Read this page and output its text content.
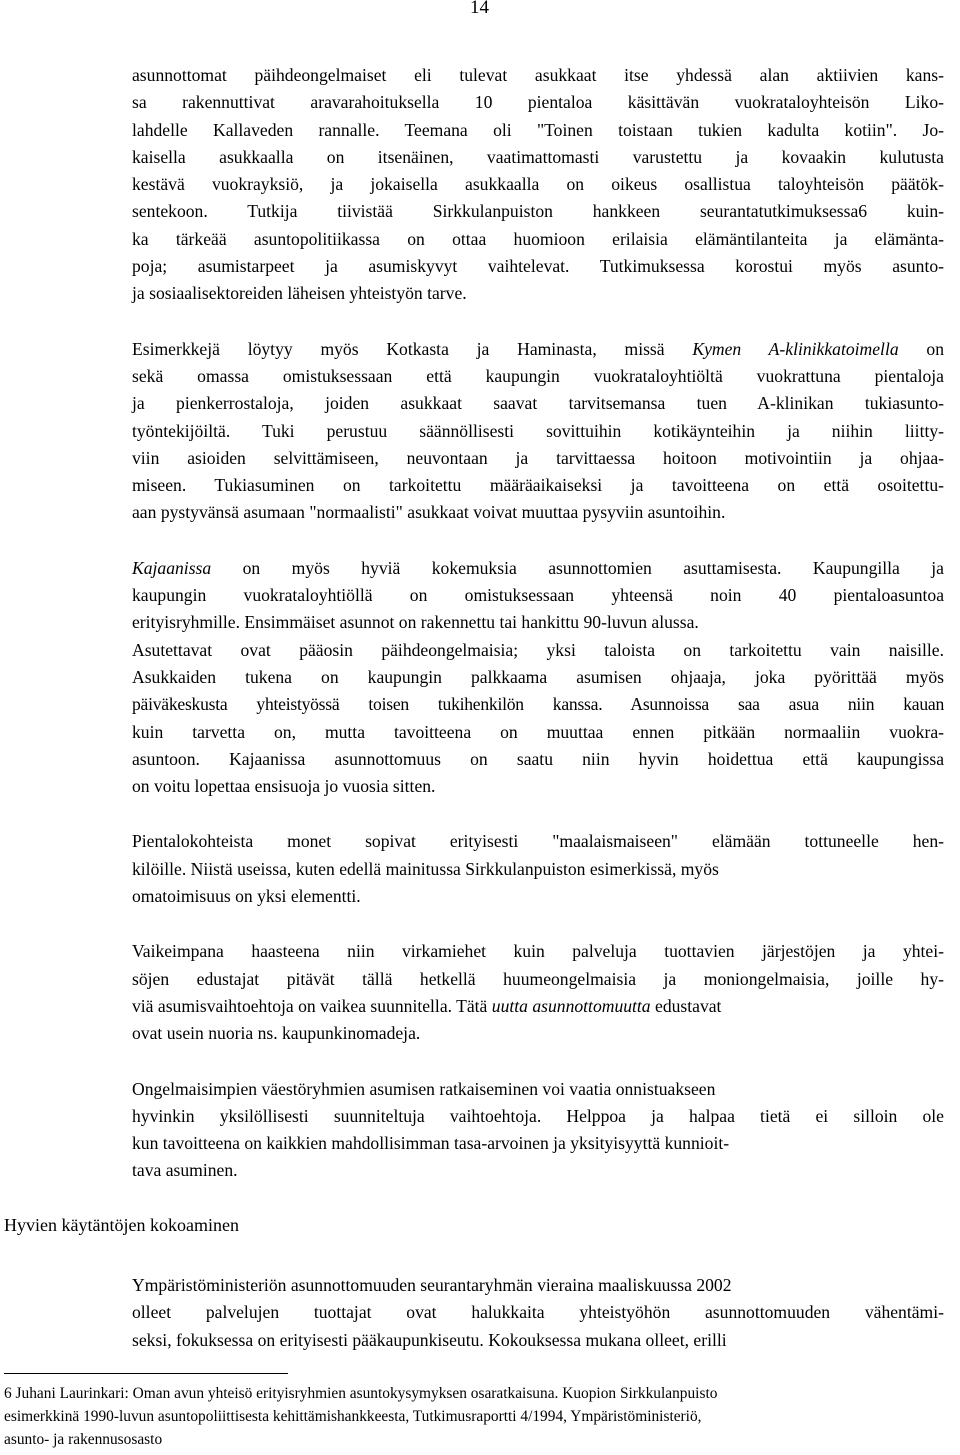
14

asunnottomat päihdeongelmaiset eli tulevat asukkaat itse yhdessä alan aktiivien kans-
sa rakennuttivat aravarahoituksella 10 pientaloa käsittävän vuokrataloyhteisön Liko-
lahdelle Kallaveden rannalle. Teemana oli "Toinen toistaan tukien kadulta kotiin". Jo-
kaisella asukkaalla on itsenäinen, vaatimattomasti varustettu ja kovaakin kulutusta
kestävä vuokrayksiö, ja jokaisella asukkaalla on oikeus osallistua taloyhteisön päätök-
sentekoon. Tutkija tiivistää Sirkkulanpuiston hankkeen seurantatutkimuksessa6 kuin-
ka tärkeää asuntopolitiikassa on ottaa huomioon erilaisia elämäntilanteita ja elämänta-
poja; asumistarpeet ja asumiskyvyt vaihtelevat. Tutkimuksessa korostui myös asunto-
ja sosiaalisektoreiden läheisen yhteistyön tarve.

Esimerkkejä löytyy myös Kotkasta ja Haminasta, missä Kymen A-klinikkatoimella on
sekä omassa omistuksessaan että kaupungin vuokrataloyhtiöltä vuokrattuna pientaloja
ja pienkerrostaloja, joiden asukkaat saavat tarvitsemansa tuen A-klinikan tukiasunto-
työntekijöiltä. Tuki perustuu säännöllisesti sovittuihin kotikäynteihin ja niihin liitty-
viin asioiden selvittämiseen, neuvontaan ja tarvittaessa hoitoon motivointiin ja ohjaa-
miseen. Tukiasuminen on tarkoitettu määräaikaiseksi ja tavoitteena on että osoitettu-
aan pystyvänsä asumaan "normaalisti" asukkaat voivat muuttaa pysyviin asuntoihin.

Kajaanissa on myös hyviä kokemuksia asunnottomien asuttamisesta. Kaupungilla ja
kaupungin vuokrataloyhtiöllä on omistuksessaan yhteensä noin 40 pientaloasuntoa
erityisryhmille. Ensimmäiset asunnot on rakennettu tai hankittu 90-luvun alussa.
Asutettavat ovat pääosin päihdeongelmaisia; yksi taloista on tarkoitettu vain naisille.
Asukkaiden tukena on kaupungin palkkaama asumisen ohjaaja, joka pyörittää myös
päiväkeskusta yhteistyössä toisen tukihenkilön kanssa. Asunnoissa saa asua niin kauan
kuin tarvetta on, mutta tavoitteena on muuttaa ennen pitkään normaaliin vuokra-
asuntoon. Kajaanissa asunnottomuus on saatu niin hyvin hoidettua että kaupungissa
on voitu lopettaa ensisuoja jo vuosia sitten.

Pientalokohteista monet sopivat erityisesti "maalaismaiseen" elämään tottuneelle hen-
kilöille. Niistä useissa, kuten edellä mainitussa Sirkkulanpuiston esimerkissä, myös
omatoimisuus on yksi elementti.

Vaikeimpana haasteena niin virkamiehet kuin palveluja tuottavien järjestöjen ja yhtei-
söjen edustajat pitävät tällä hetkellä huumeongelmaisia ja moniongelmaisia, joille hy-
viä asumisvaihtoehtoja on vaikea suunnitella. Tätä uutta asunnottomuutta edustavat
ovat usein nuoria ns. kaupunkinomadeja.

Ongelmaisimpien väestöryhmien asumisen ratkaiseminen voi vaatia onnistuakseen
hyvinkin yksilöllisesti suunniteltuja vaihtoehtoja. Helppoa ja halpaa tietä ei silloin ole
kun tavoitteena on kaikkien mahdollisimman tasa-arvoinen ja yksityisyyttä kunnioit-
tava asuminen.

Hyvien käytäntöjen kokoaminen

Ympäristöministeriön asunnottomuuden seurantaryhmän vieraina maaliskuussa 2002
olleet palvelujen tuottajat ovat halukkaita yhteistyöhön asunnottomuuden vähentämi-
seksi, fokuksessa on erityisesti pääkaupunkiseutu. Kokouksessa mukana olleet, erilli

6 Juhani Laurinkari: Oman avun yhteisö erityisryhmien asuntokysymyksen osaratkaisuna. Kuopion Sirkkulanpuisto
esimerkkinä 1990-luvun asuntopoliittisesta kehittämishankkeesta, Tutkimusraportti 4/1994, Ympäristöministeriö,
asunto- ja rakennusosasto
